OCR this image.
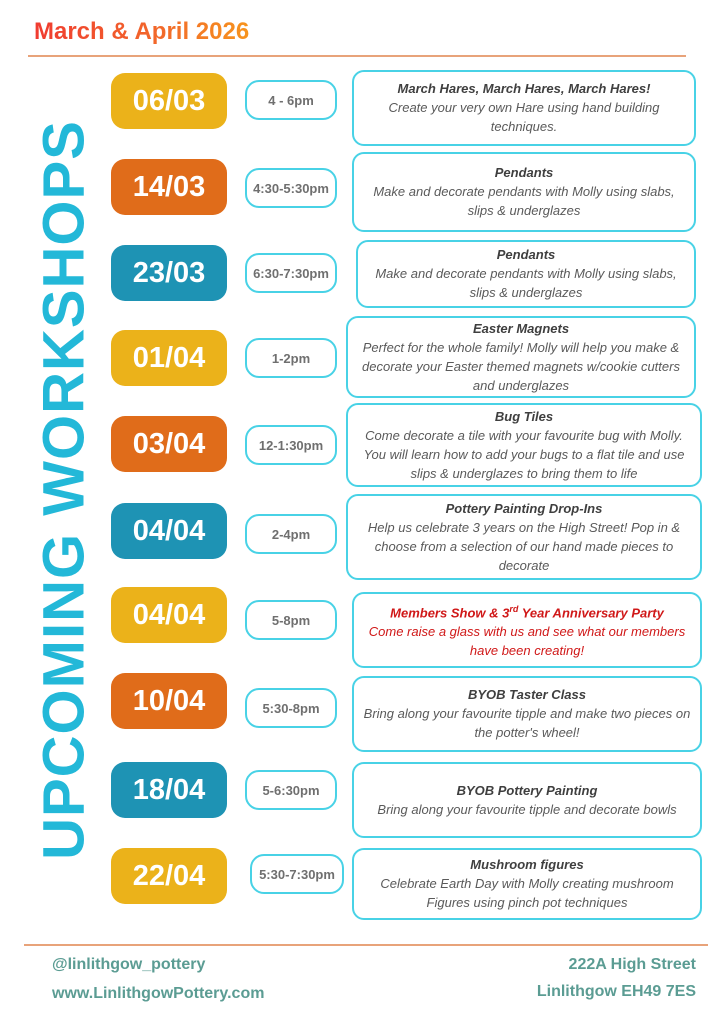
March & April 2026
UPCOMING WORKSHOPS
06/03	4 - 6pm
March Hares, March Hares, March Hares!
Create your very own Hare using hand building techniques.
14/03	4:30-5:30pm
Pendants
Make and decorate pendants with Molly using slabs, slips & underglazes
23/03	6:30-7:30pm
Pendants
Make and decorate pendants with Molly using slabs, slips & underglazes
01/04	1-2pm
Easter Magnets
Perfect for the whole family! Molly will help you make & decorate your Easter themed magnets w/cookie cutters and underglazes
03/04	12-1:30pm
Bug Tiles
Come decorate a tile with your favourite bug with Molly. You will learn how to add your bugs to a flat tile and use slips & underglazes to bring them to life
04/04	2-4pm
Pottery Painting Drop-Ins
Help us celebrate 3 years on the High Street! Pop in & choose from a selection of our hand made pieces to decorate
04/04	5-8pm	Members Show & 3rd Year Anniversary Party
Come raise a glass with us and see what our members have been creating!
10/04	5:30-8pm
BYOB Taster Class
Bring along your favourite tipple and make two pieces on the potter's wheel!
18/04	5-6:30pm	BYOB Pottery Painting
Bring along your favourite tipple and decorate bowls
22/04	5:30-7:30pm
Mushroom figures
Celebrate Earth Day with Molly creating mushroom Figures using pinch pot techniques
@linlithgow_pottery
www.LinlithgowPottery.com
222A High Street
Linlithgow EH49 7ES
